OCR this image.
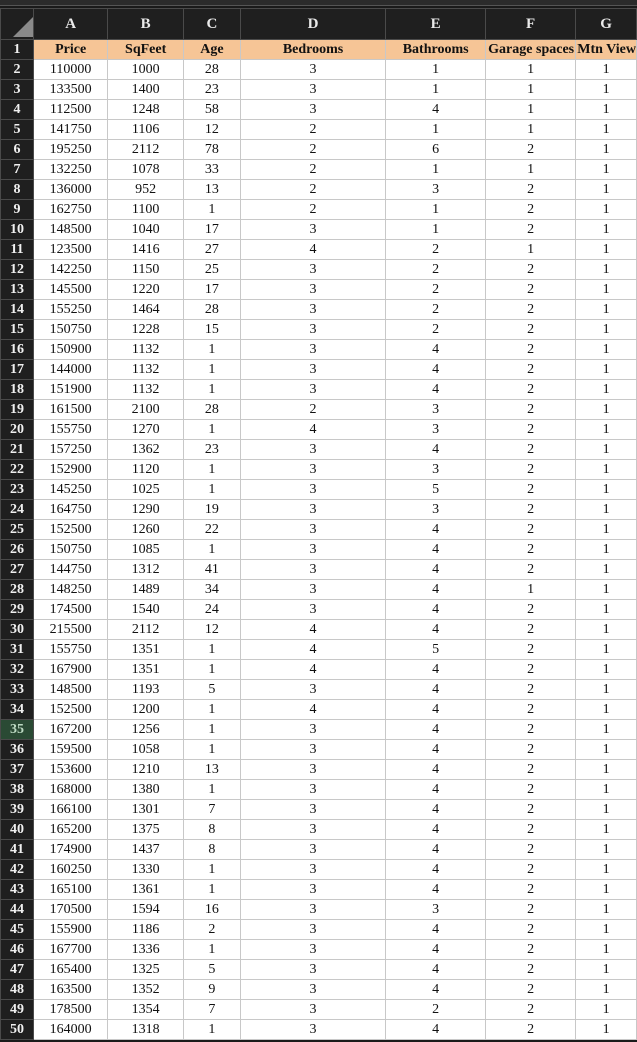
	A	B	C	D	E	F	G
1	Price	SqFeet	Age	Bedrooms	Bathrooms	Garage spaces	Mtn View
2	110000	1000	28	3	1	1	1
3	133500	1400	23	3	1	1	1
4	112500	1248	58	3	4	1	1
5	141750	1106	12	2	1	1	1
6	195250	2112	78	2	6	2	1
7	132250	1078	33	2	1	1	1
8	136000	952	13	2	3	2	1
9	162750	1100	1	2	1	2	1
10	148500	1040	17	3	1	2	1
11	123500	1416	27	4	2	1	1
12	142250	1150	25	3	2	2	1
13	145500	1220	17	3	2	2	1
14	155250	1464	28	3	2	2	1
15	150750	1228	15	3	2	2	1
16	150900	1132	1	3	4	2	1
17	144000	1132	1	3	4	2	1
18	151900	1132	1	3	4	2	1
19	161500	2100	28	2	3	2	1
20	155750	1270	1	4	3	2	1
21	157250	1362	23	3	4	2	1
22	152900	1120	1	3	3	2	1
23	145250	1025	1	3	5	2	1
24	164750	1290	19	3	3	2	1
25	152500	1260	22	3	4	2	1
26	150750	1085	1	3	4	2	1
27	144750	1312	41	3	4	2	1
28	148250	1489	34	3	4	1	1
29	174500	1540	24	3	4	2	1
30	215500	2112	12	4	4	2	1
31	155750	1351	1	4	5	2	1
32	167900	1351	1	4	4	2	1
33	148500	1193	5	3	4	2	1
34	152500	1200	1	4	4	2	1
35	167200	1256	1	3	4	2	1
36	159500	1058	1	3	4	2	1
37	153600	1210	13	3	4	2	1
38	168000	1380	1	3	4	2	1
39	166100	1301	7	3	4	2	1
40	165200	1375	8	3	4	2	1
41	174900	1437	8	3	4	2	1
42	160250	1330	1	3	4	2	1
43	165100	1361	1	3	4	2	1
44	170500	1594	16	3	3	2	1
45	155900	1186	2	3	4	2	1
46	167700	1336	1	3	4	2	1
47	165400	1325	5	3	4	2	1
48	163500	1352	9	3	4	2	1
49	178500	1354	7	3	2	2	1
50	164000	1318	1	3	4	2	1
